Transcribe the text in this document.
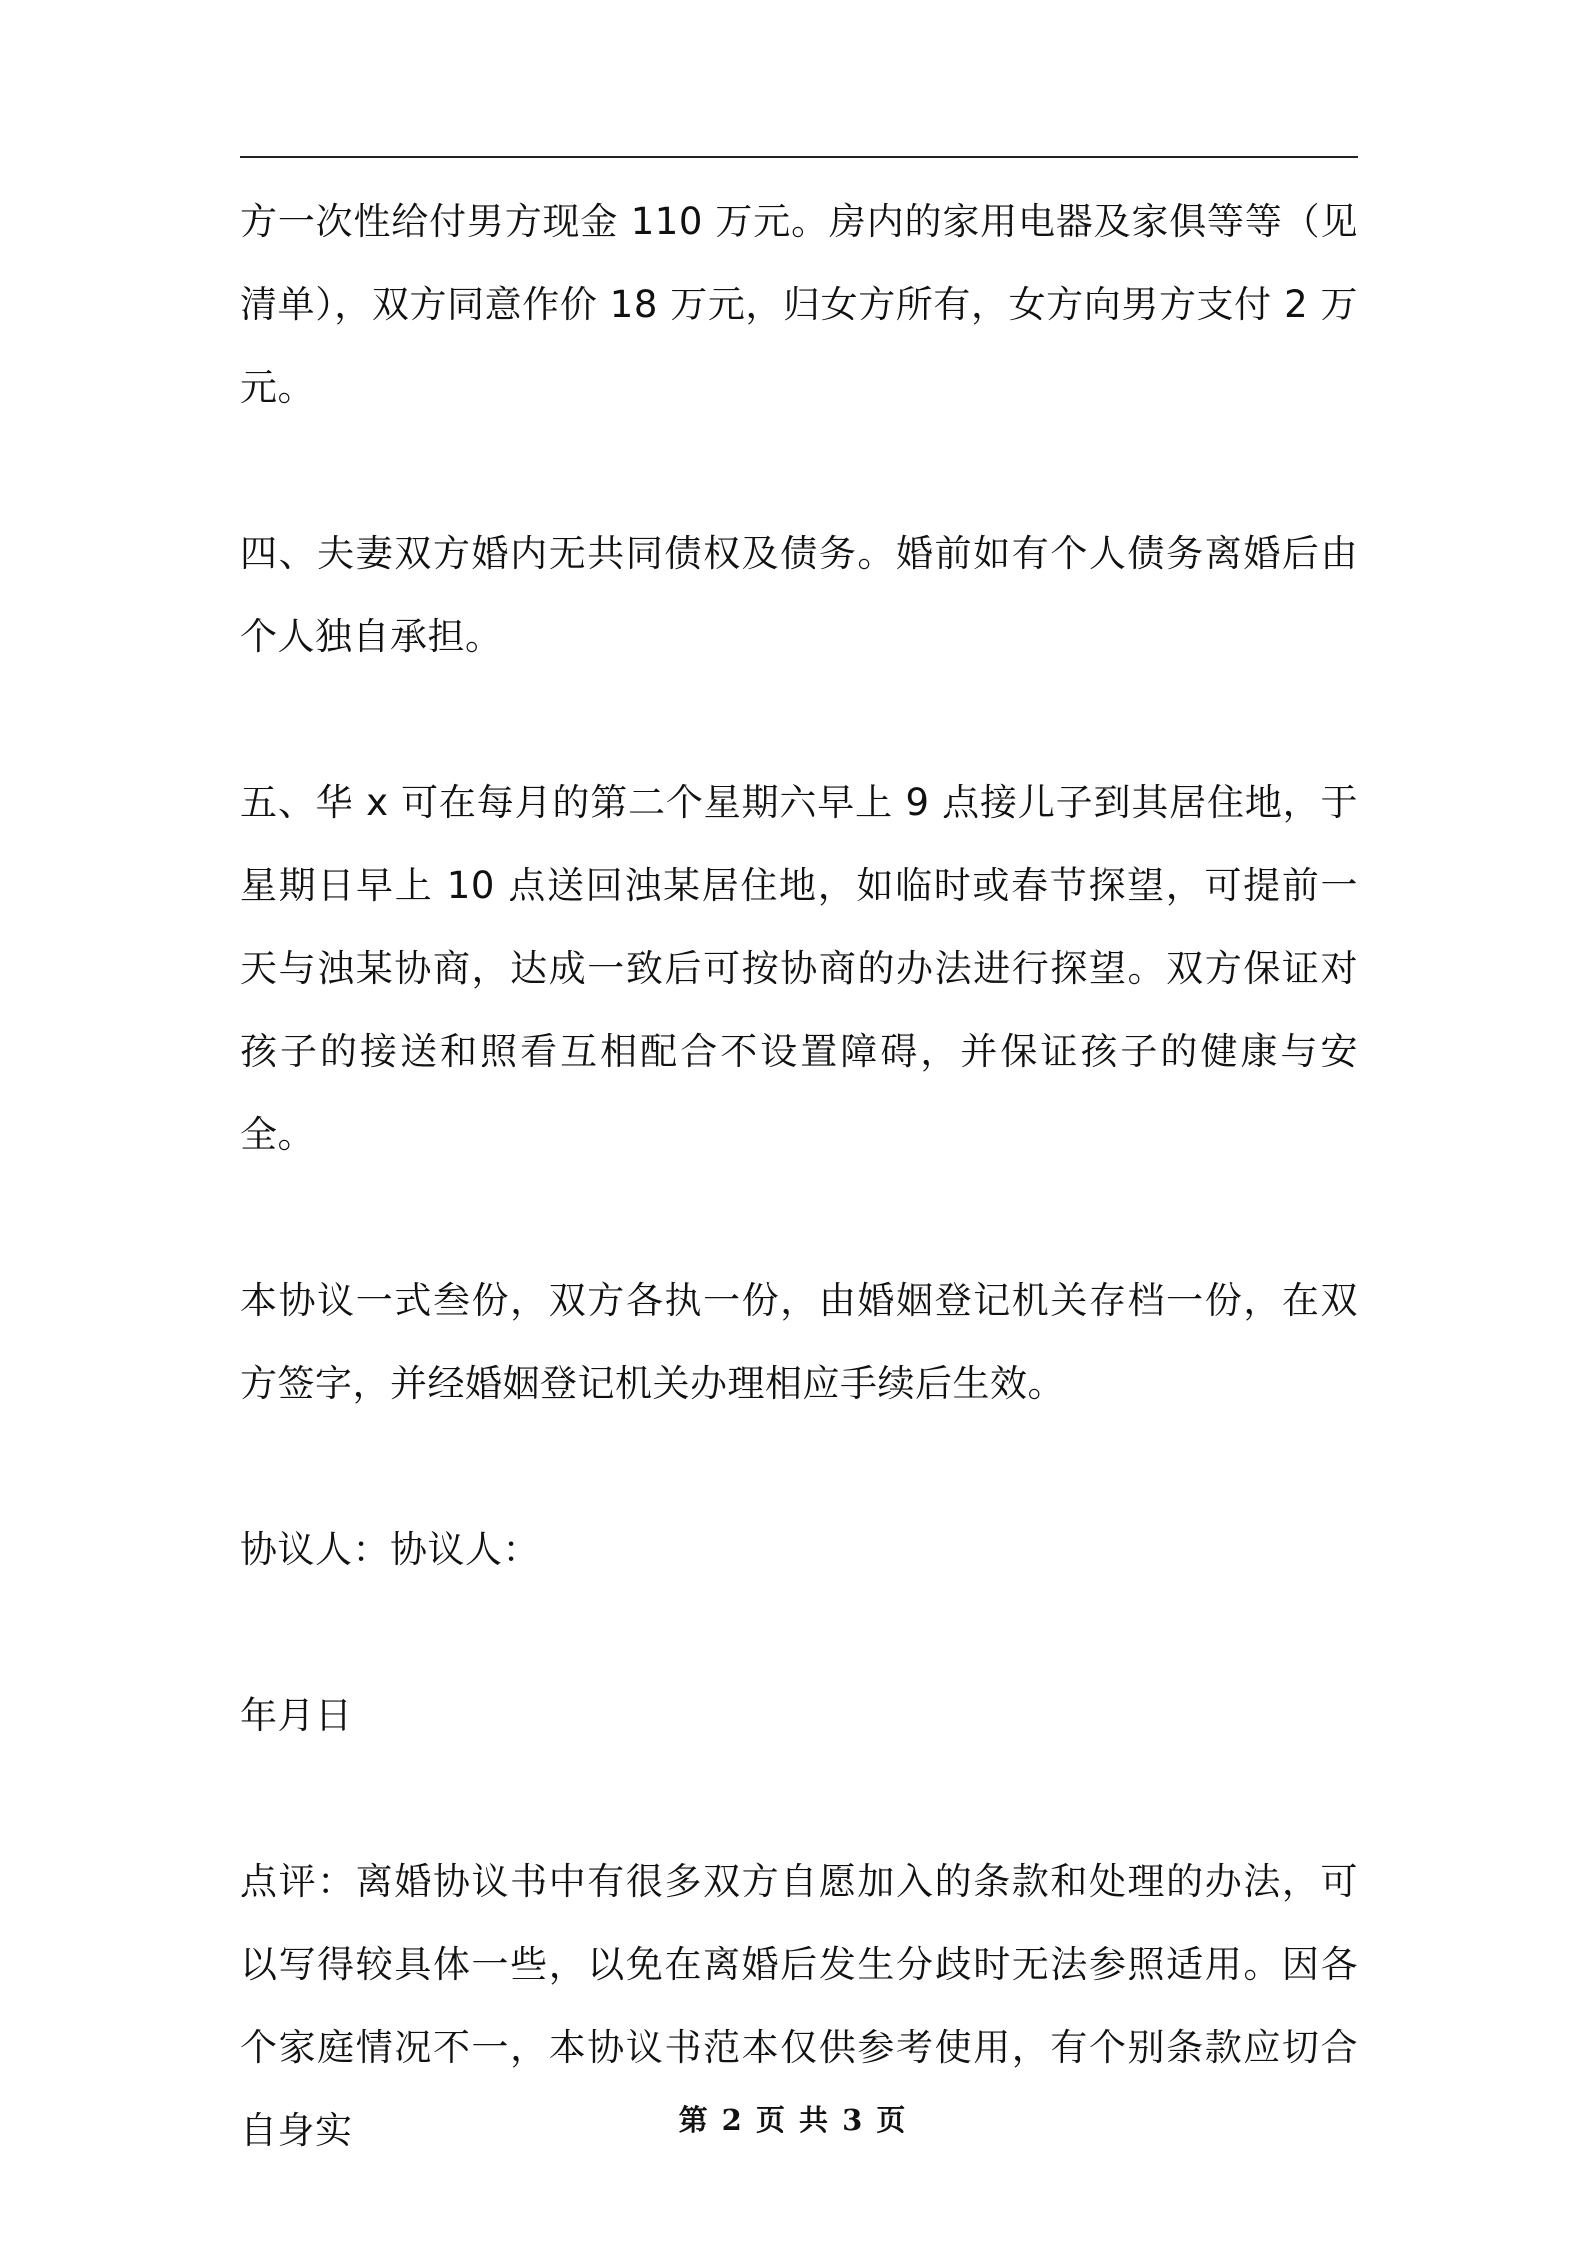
方一次性给付男方现金 110 万元。房内的家用电器及家俱等等（见清单），双方同意作价 18 万元，归女方所有，女方向男方支付 2 万元。

四、夫妻双方婚内无共同债权及债务。婚前如有个人债务离婚后由个人独自承担。

五、华 x 可在每月的第二个星期六早上 9 点接儿子到其居住地，于星期日早上 10 点送回浊某居住地，如临时或春节探望，可提前一天与浊某协商，达成一致后可按协商的办法进行探望。双方保证对孩子的接送和照看互相配合不设置障碍，并保证孩子的健康与安全。

本协议一式叁份，双方各执一份，由婚姻登记机关存档一份，在双方签字，并经婚姻登记机关办理相应手续后生效。

协议人：协议人：

年月日

点评：离婚协议书中有很多双方自愿加入的条款和处理的办法，可以写得较具体一些，以免在离婚后发生分歧时无法参照适用。因各个家庭情况不一，本协议书范本仅供参考使用，有个别条款应切合自身实	第 2 页 共 3 页
